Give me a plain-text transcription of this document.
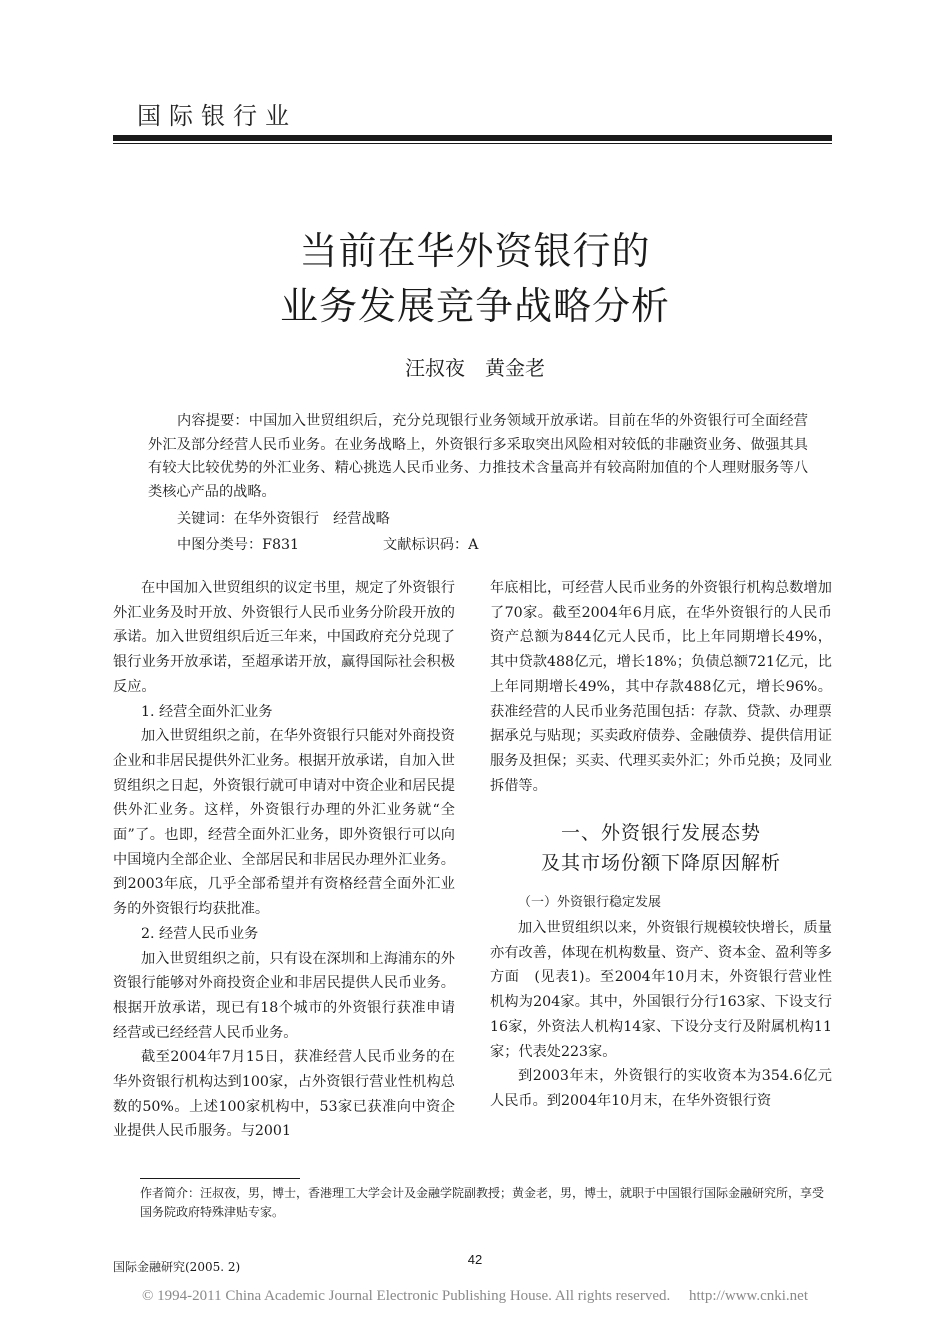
国际银行业
当前在华外资银行的
业务发展竞争战略分析
汪叔夜　黄金老

内容提要：中国加入世贸组织后，充分兑现银行业务领域开放承诺。目前在华的外资银行可全面经营外汇及部分经营人民币业务。在业务战略上，外资银行多采取突出风险相对较低的非融资业务、做强其具有较大比较优势的外汇业务、精心挑选人民币业务、力推技术含量高并有较高附加值的个人理财服务等八类核心产品的战略。

关键词：在华外资银行　经营战略
中图分类号：F831	文献标识码：A

在中国加入世贸组织的议定书里，规定了外资银行外汇业务及时开放、外资银行人民币业务分阶段开放的承诺。加入世贸组织后近三年来，中国政府充分兑现了银行业务开放承诺，至超承诺开放，赢得国际社会积极反应。

1. 经营全面外汇业务

加入世贸组织之前，在华外资银行只能对外商投资企业和非居民提供外汇业务。根据开放承诺，自加入世贸组织之日起，外资银行就可申请对中资企业和居民提供外汇业务。这样，外资银行办理的外汇业务就“全面”了。也即，经营全面外汇业务，即外资银行可以向中国境内全部企业、全部居民和非居民办理外汇业务。到2003年底，几乎全部希望并有资格经营全面外汇业务的外资银行均获批准。

2. 经营人民币业务

加入世贸组织之前，只有设在深圳和上海浦东的外资银行能够对外商投资企业和非居民提供人民币业务。根据开放承诺，现已有18个城市的外资银行获准申请经营或已经经营人民币业务。

截至2004年7月15日，获准经营人民币业务的在华外资银行机构达到100家，占外资银行营业性机构总数的50%。上述100家机构中，53家已获准向中资企业提供人民币服务。与2001

年底相比，可经营人民币业务的外资银行机构总数增加了70家。截至2004年6月底，在华外资银行的人民币资产总额为844亿元人民币，比上年同期增长49%，其中贷款488亿元，增长18%；负债总额721亿元，比上年同期增长49%，其中存款488亿元，增长96%。获准经营的人民币业务范围包括：存款、贷款、办理票据承兑与贴现；买卖政府债券、金融债券、提供信用证服务及担保；买卖、代理买卖外汇；外币兑换；及同业拆借等。

一、外资银行发展态势
及其市场份额下降原因解析

（一）外资银行稳定发展

加入世贸组织以来，外资银行规模较快增长，质量亦有改善，体现在机构数量、资产、资本金、盈利等多方面　(见表1)。至2004年10月末，外资银行营业性机构为204家。其中，外国银行分行163家、下设支行16家，外资法人机构14家、下设分支行及附属机构11家；代表处223家。

到2003年末，外资银行的实收资本为354.6亿元人民币。到2004年10月末，在华外资银行资

作者简介：汪叔夜，男，博士，香港理工大学会计及金融学院副教授；黄金老，男，博士，就职于中国银行国际金融研究所，享受国务院政府特殊津贴专家。
42
国际金融研究(2005. 2)
© 1994-2011 China Academic Journal Electronic Publishing House. All rights reserved.　 http://www.cnki.net
